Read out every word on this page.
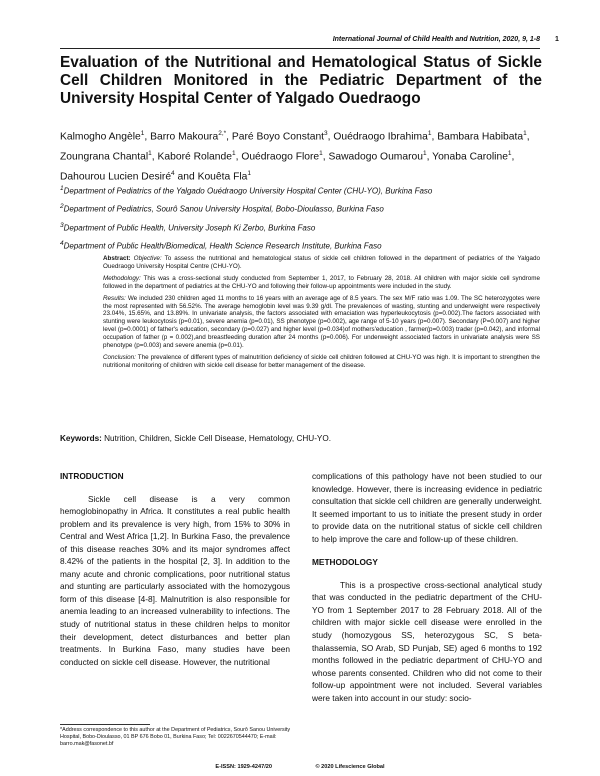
International Journal of Child Health and Nutrition, 2020, 9, 1-8 1
Evaluation of the Nutritional and Hematological Status of Sickle Cell Children Monitored in the Pediatric Department of the University Hospital Center of Yalgado Ouedraogo
Kalmogho Angèle$^1$, Barro Makoura$^{2,*}$, Paré Boyo Constant$^3$, Ouédraogo Ibrahima$^1$, Bambara Habibata$^1$, Zoungrana Chantal$^1$, Kaboré Rolande$^1$, Ouédraogo Flore$^1$, Sawadogo Oumarou$^1$, Yonaba Caroline$^1$, Dahourou Lucien Desiré$^4$ and Kouêta Fla$^1$
$^1$Department of Pediatrics of the Yalgado Ouédraogo University Hospital Center (CHU-YO), Burkina Faso
$^2$Department of Pediatrics, Sourô Sanou University Hospital, Bobo-Dioulasso, Burkina Faso
$^3$Department of Public Health, University Joseph Ki Zerbo, Burkina Faso
$^4$Department of Public Health/Biomedical, Health Science Research Institute, Burkina Faso

Abstract: Objective: To assess the nutritional and hematological status of sickle cell children followed in the department of pediatrics of the Yalgado Ouedraogo University Hospital Centre (CHU-YO).

Methodology: This was a cross-sectional study conducted from September 1, 2017, to February 28, 2018. All children with major sickle cell syndrome followed in the department of pediatrics at the CHU-YO and following their follow-up appointments were included in the study.

Results: We included 230 children aged 11 months to 16 years with an average age of 8.5 years. The sex M/F ratio was 1.09. The SC heterozygotes were the most represented with 56.52%. The average hemoglobin level was 9.39 g/dl. The prevalences of wasting, stunting and underweight were respectively 23.04%, 15.65%, and 13.89%. In univariate analysis, the factors associated with emaciation was hyperleukocytosis (p=0.002).The factors associated with stunting were leukocytosis (p=0.01), severe anemia (p=0.01), SS phenotype (p=0.002), age range of 5-10 years (p=0.007). Secondary (P=0.007) and higher level (p=0.0001) of father's education, secondary (p=0.027) and higher level (p=0.034)of mothers'education , farmer(p=0.003) trader (p=0.042), and informal occupation of father (p = 0.002),and breastfeeding duration after 24 months (p=0.006). For underweight associated factors in univariate analysis were SS phenotype (p=0.003) and severe anemia (p=0.01).

Conclusion: The prevalence of different types of malnutrition deficiency of sickle cell children followed at CHU-YO was high. It is important to strengthen the nutritional monitoring of children with sickle cell disease for better management of the disease.

Keywords: Nutrition, Children, Sickle Cell Disease, Hematology, CHU-YO.

INTRODUCTION

Sickle cell disease is a very common hemoglobinopathy in Africa. It constitutes a real public health problem and its prevalence is very high, from 15% to 30% in Central and West Africa [1,2]. In Burkina Faso, the prevalence of this disease reaches 30% and its major syndromes affect 8.42% of the patients in the hospital [2, 3]. In addition to the many acute and chronic complications, poor nutritional status and stunting are particularly associated with the homozygous form of this disease [4-8]. Malnutrition is also responsible for anemia leading to an increased vulnerability to infections. The study of nutritional status in these children helps to monitor their development, detect disturbances and better plan treatments. In Burkina Faso, many studies have been conducted on sickle cell disease. However, the nutritional

complications of this pathology have not been studied to our knowledge. However, there is increasing evidence in pediatric consultation that sickle cell children are generally underweight. It seemed important to us to initiate the present study in order to provide data on the nutritional status of sickle cell children to help improve the care and follow-up of these children.

METHODOLOGY

This is a prospective cross-sectional analytical study that was conducted in the pediatric department of the CHU-YO from 1 September 2017 to 28 February 2018. All of the children with major sickle cell disease were enrolled in the study (homozygous SS, heterozygous SC, S beta-thalassemia, SO Arab, SD Punjab, SE) aged 6 months to 192 months followed in the pediatric department of CHU-YO and whose parents consented. Children who did not come to their follow-up appointment were not included. Several variables were taken into account in our study: socio-

*Address correspondence to this author at the Department of Pediatrics, Sourô Sanou University Hospital, Bobo-Dioulasso, 01 BP 676 Bobo 01, Burkina Faso; Tel: 0022670544470; E-mail: barro.mak@fasonet.bf
E-ISSN: 1929-4247/20	© 2020 Lifescience Global
